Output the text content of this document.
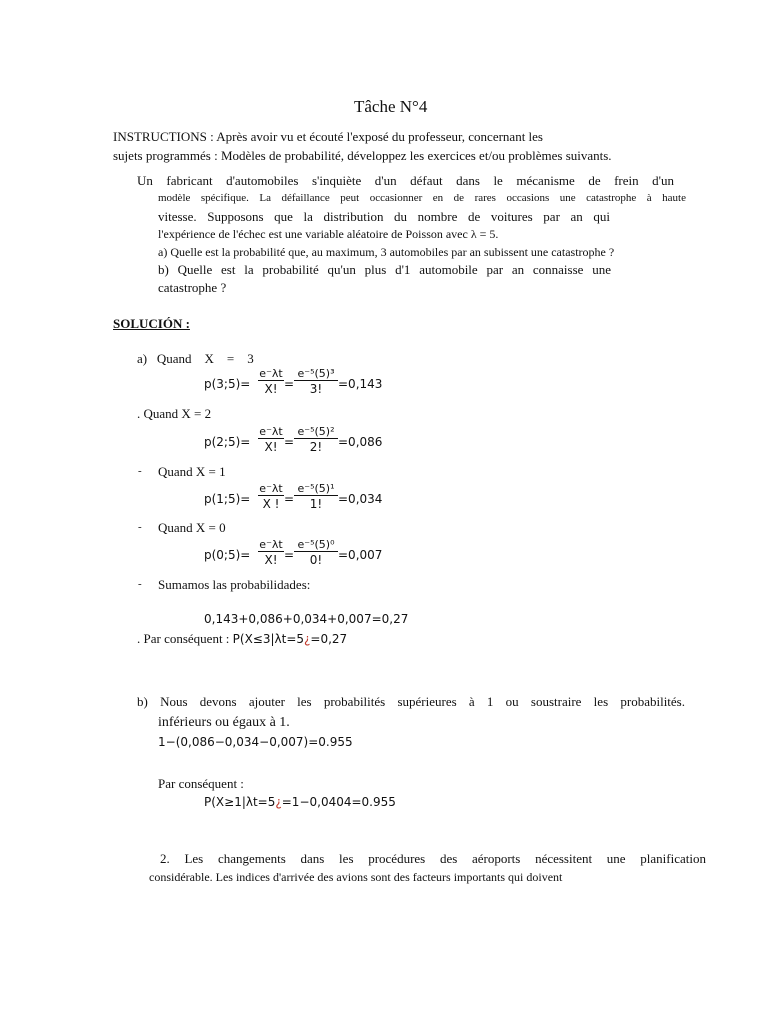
Tâche N°4
INSTRUCTIONS : Après avoir vu et écouté l'exposé du professeur, concernant les
sujets programmés : Modèles de probabilité, développez les exercices et/ou problèmes suivants.
Un fabricant d'automobiles s'inquiète d'un défaut dans le mécanisme de frein d'un
modèle spécifique. La défaillance peut occasionner en de rares occasions une catastrophe à haute
vitesse. Supposons que la distribution du nombre de voitures par an qui
l'expérience de l'échec est une variable aléatoire de Poisson avec λ = 5.
a) Quelle est la probabilité que, au maximum, 3 automobiles par an subissent une catastrophe ?
b) Quelle est la probabilité qu'un plus d'1 automobile par an connaisse une
catastrophe ?
SOLUCIÓN :
a)   Quand    X    =    3
p(3;5)=
e⁻λt
X! =
e⁻⁵(5)³
3!	=0,143
. Quand X = 2
p(2;5)=
e⁻λt
X! =
e⁻⁵(5)²
2!	=0,086
- Quand X = 1
p(1;5)=
e⁻λt
X ! =
e⁻⁵(5)¹
1!	=0,034
- Quand X = 0
p(0;5)=
e⁻λt
X! =
e⁻⁵(5)⁰
0!	=0,007
- Sumamos las probabilidades:
0,143+0,086+0,034+0,007=0,27
. Par conséquent : P(X≤3|λt=5¿=0,27
b) Nous devons ajouter les probabilités supérieures à 1 ou soustraire les probabilités.
inférieurs ou égaux à 1.
1−(0,086−0,034−0,007)=0.955
Par conséquent :
P(X≥1|λt=5¿=1−0,0404=0.955
2. Les changements dans les procédures des aéroports nécessitent une planification
considérable. Les indices d'arrivée des avions sont des facteurs importants qui doivent
